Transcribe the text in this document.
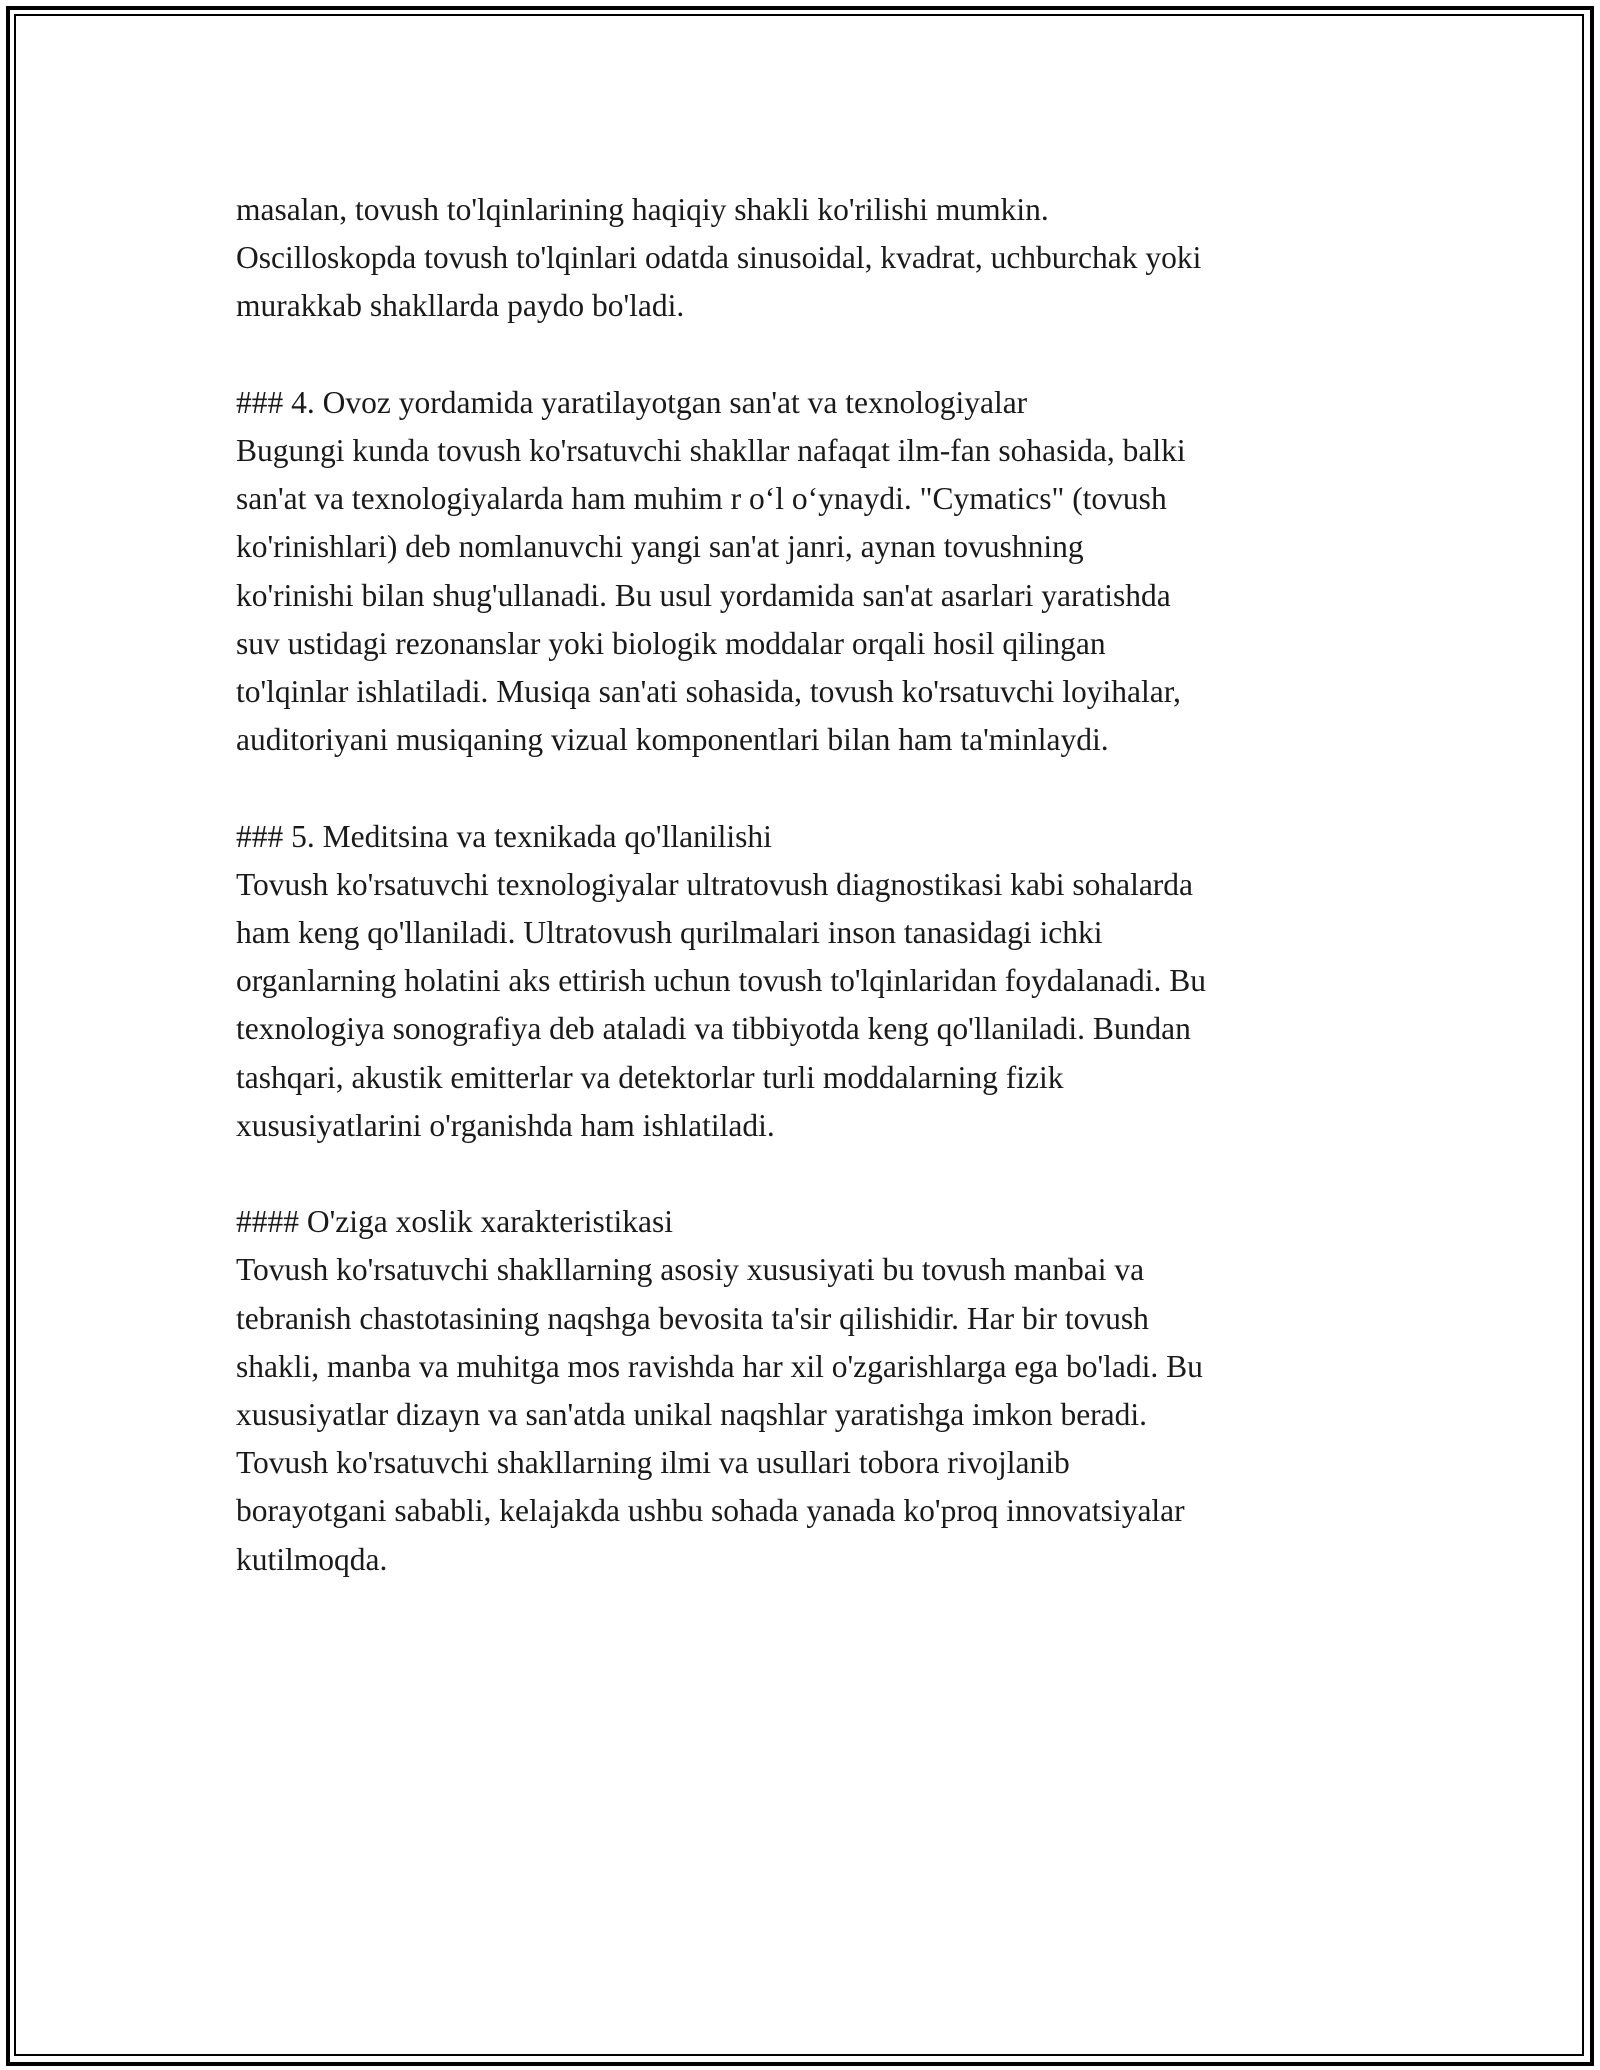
masalan, tovush to'lqinlarining haqiqiy shakli ko'rilishi mumkin.
Oscilloskopda tovush to'lqinlari odatda sinusoidal, kvadrat, uchburchak yoki
murakkab shakllarda paydo bo'ladi.
### 4. Ovoz yordamida yaratilayotgan san'at va texnologiyalar
Bugungi kunda tovush ko'rsatuvchi shakllar nafaqat ilm-fan sohasida, balki
san'at va texnologiyalarda ham muhim r o‘l o‘ynaydi. "Cymatics" (tovush
ko'rinishlari) deb nomlanuvchi yangi san'at janri, aynan tovushning
ko'rinishi bilan shug'ullanadi. Bu usul yordamida san'at asarlari yaratishda
suv ustidagi rezonanslar yoki biologik moddalar orqali hosil qilingan
to'lqinlar ishlatiladi. Musiqa san'ati sohasida, tovush ko'rsatuvchi loyihalar,
auditoriyani musiqaning vizual komponentlari bilan ham ta'minlaydi.
### 5. Meditsina va texnikada qo'llanilishi
Tovush ko'rsatuvchi texnologiyalar ultratovush diagnostikasi kabi sohalarda
ham keng qo'llaniladi. Ultratovush qurilmalari inson tanasidagi ichki
organlarning holatini aks ettirish uchun tovush to'lqinlaridan foydalanadi. Bu
texnologiya sonografiya deb ataladi va tibbiyotda keng qo'llaniladi. Bundan
tashqari, akustik emitterlar va detektorlar turli moddalarning fizik
xususiyatlarini o'rganishda ham ishlatiladi.
#### O'ziga xoslik xarakteristikasi
Tovush ko'rsatuvchi shakllarning asosiy xususiyati bu tovush manbai va
tebranish chastotasining naqshga bevosita ta'sir qilishidir. Har bir tovush
shakli, manba va muhitga mos ravishda har xil o'zgarishlarga ega bo'ladi. Bu
xususiyatlar dizayn va san'atda unikal naqshlar yaratishga imkon beradi.
Tovush ko'rsatuvchi shakllarning ilmi va usullari tobora rivojlanib
borayotgani sababli, kelajakda ushbu sohada yanada ko'proq innovatsiyalar
kutilmoqda.
